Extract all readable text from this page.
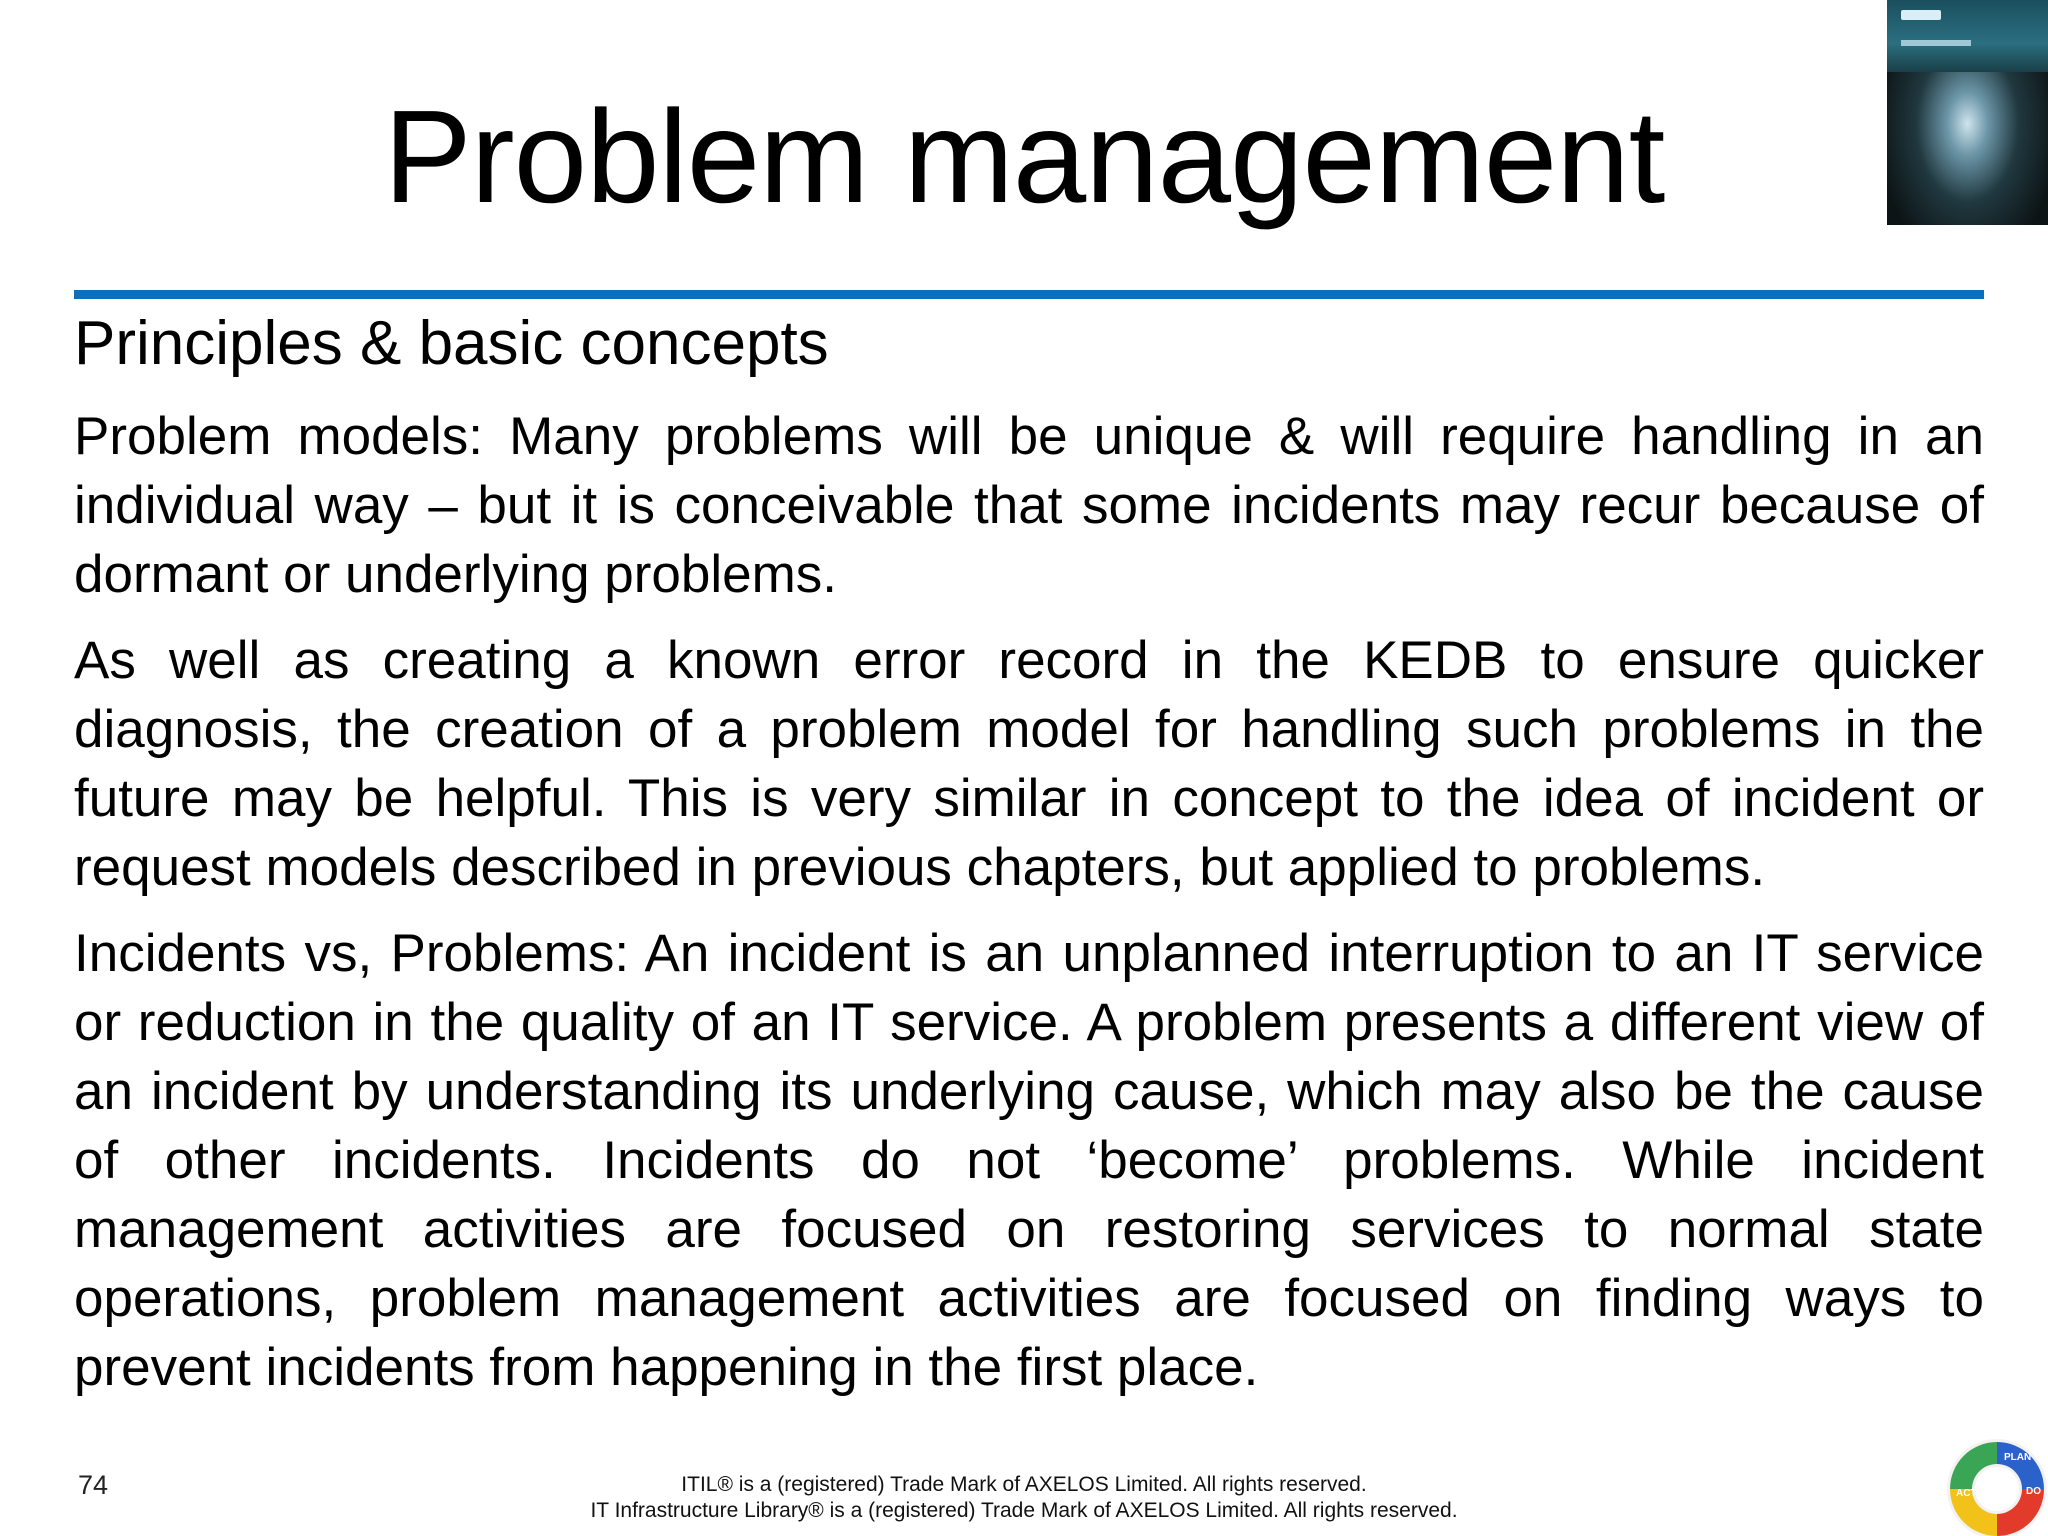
Problem management
Principles & basic concepts

Problem models: Many problems will be unique & will require handling in an individual way – but it is conceivable that some incidents may recur because of dormant or underlying problems.

As well as creating a known error record in the KEDB to ensure quicker diagnosis, the creation of a problem model for handling such problems in the future may be helpful. This is very similar in concept to the idea of incident or request models described in previous chapters, but applied to problems.

Incidents vs, Problems: An incident is an unplanned interruption to an IT service or reduction in the quality of an IT service. A problem presents a different view of an incident by understanding its underlying cause, which may also be the cause of other incidents. Incidents do not ‘become’ problems. While incident management activities are focused on restoring services to normal state operations, problem management activities are focused on finding ways to prevent incidents from happening in the first place.

74	ITIL® is a (registered) Trade Mark of AXELOS Limited. All rights reserved.
IT Infrastructure Library® is a (registered) Trade Mark of AXELOS Limited. All rights reserved.
PLAN
DO
ACT
